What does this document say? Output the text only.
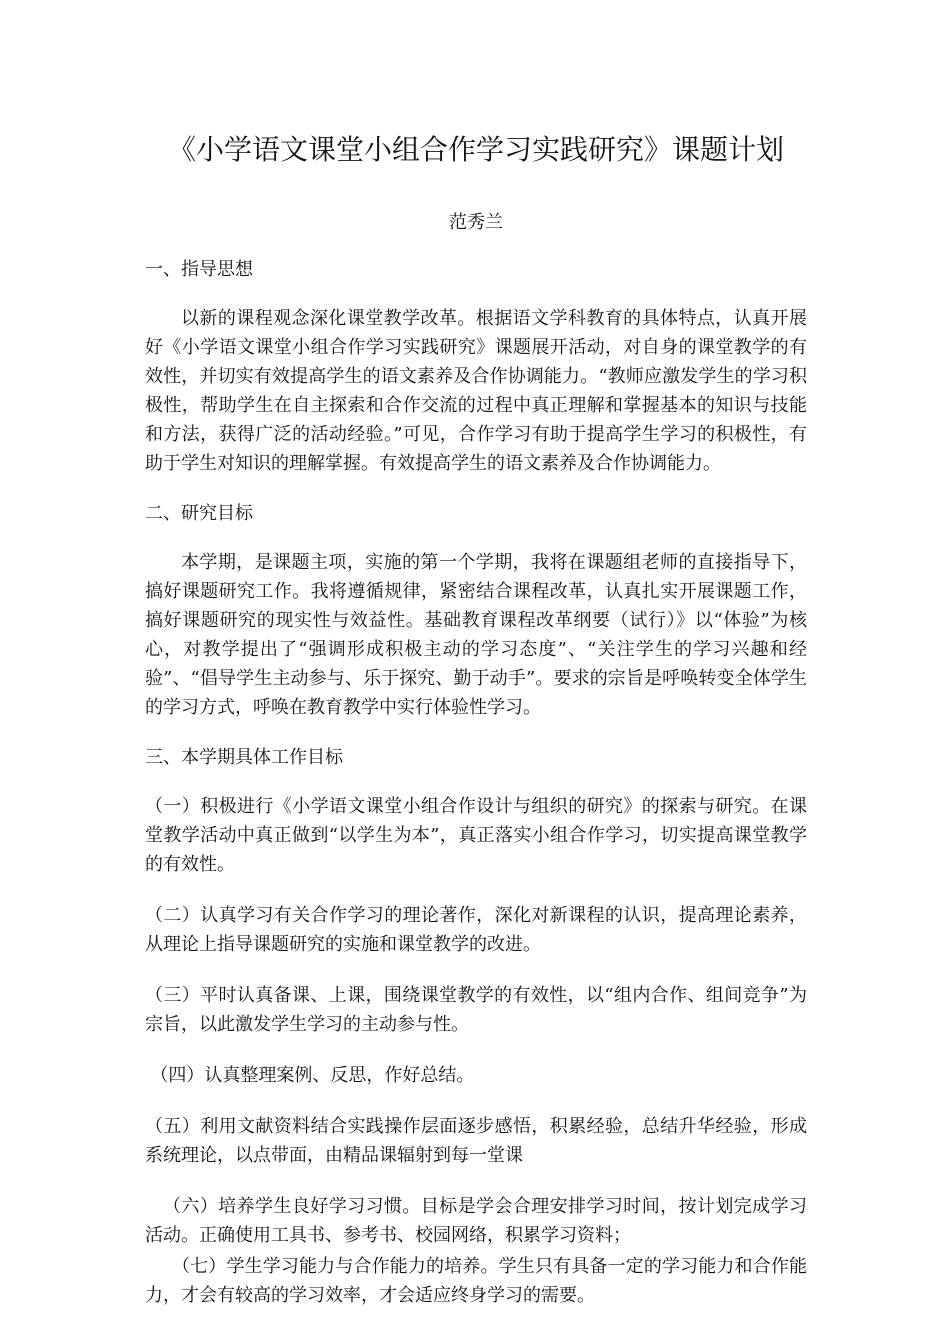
《小学语文课堂小组合作学习实践研究》课题计划
范秀兰
一、指导思想

以新的课程观念深化课堂教学改革。根据语文学科教育的具体特点，认真开展好《小学语文课堂小组合作学习实践研究》课题展开活动，对自身的课堂教学的有效性，并切实有效提高学生的语文素养及合作协调能力。“教师应激发学生的学习积极性，帮助学生在自主探索和合作交流的过程中真正理解和掌握基本的知识与技能和方法，获得广泛的活动经验。”可见，合作学习有助于提高学生学习的积极性，有助于学生对知识的理解掌握。有效提高学生的语文素养及合作协调能力。

二、研究目标

本学期，是课题主项，实施的第一个学期，我将在课题组老师的直接指导下，搞好课题研究工作。我将遵循规律，紧密结合课程改革，认真扎实开展课题工作，搞好课题研究的现实性与效益性。基础教育课程改革纲要（试行）》以“体验”为核心，对教学提出了“强调形成积极主动的学习态度”、“关注学生的学习兴趣和经验”、“倡导学生主动参与、乐于探究、勤于动手”。要求的宗旨是呼唤转变全体学生的学习方式，呼唤在教育教学中实行体验性学习。

三、本学期具体工作目标

（一）积极进行《小学语文课堂小组合作设计与组织的研究》的探索与研究。在课堂教学活动中真正做到“以学生为本”，真正落实小组合作学习，切实提高课堂教学的有效性。

（二）认真学习有关合作学习的理论著作，深化对新课程的认识，提高理论素养，从理论上指导课题研究的实施和课堂教学的改进。

（三）平时认真备课、上课，围绕课堂教学的有效性，以“组内合作、组间竞争”为宗旨，以此激发学生学习的主动参与性。

（四）认真整理案例、反思，作好总结。

（五）利用文献资料结合实践操作层面逐步感悟，积累经验，总结升华经验，形成系统理论，以点带面，由精品课辐射到每一堂课

（六）培养学生良好学习习惯。目标是学会合理安排学习时间，按计划完成学习活动。正确使用工具书、参考书、校园网络，积累学习资料；

（七）学生学习能力与合作能力的培养。学生只有具备一定的学习能力和合作能力，才会有较高的学习效率，才会适应终身学习的需要。
